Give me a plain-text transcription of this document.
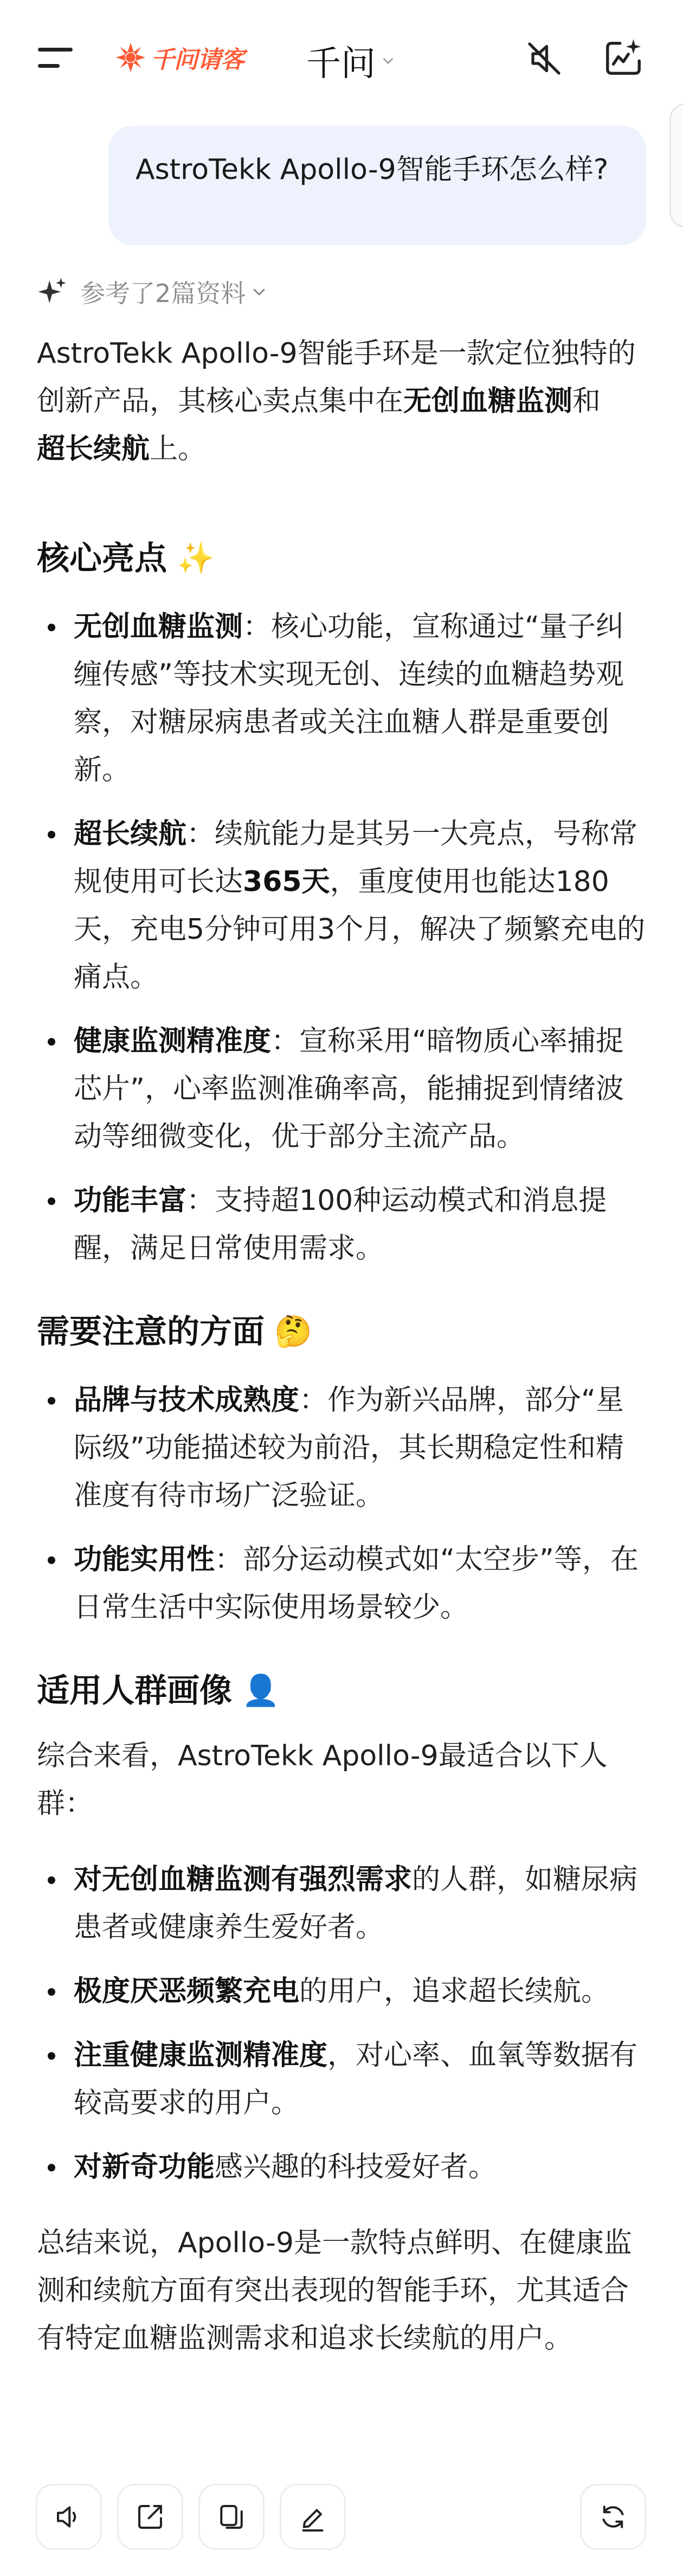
千问请客 千问
AstroTekk Apollo-9智能手环怎么样?
参考了2篇资料

AstroTekk Apollo-9智能手环是一款定位独特的创新产品，其核心卖点集中在无创血糖监测和
超长续航上。

核心亮点 ✨
无创血糖监测：核心功能，宣称通过“量子纠缠传感”等技术实现无创、连续的血糖趋势观察，对糖尿病患者或关注血糖人群是重要创新。
超长续航：续航能力是其另一大亮点，号称常规使用可长达365天，重度使用也能达180天，充电5分钟可用3个月，解决了频繁充电的痛点。
健康监测精准度：宣称采用“暗物质心率捕捉芯片”，心率监测准确率高，能捕捉到情绪波动等细微变化，优于部分主流产品。
功能丰富：支持超100种运动模式和消息提醒，满足日常使用需求。
需要注意的方面 🤔
品牌与技术成熟度：作为新兴品牌，部分“星际级”功能描述较为前沿，其长期稳定性和精准度有待市场广泛验证。
功能实用性：部分运动模式如“太空步”等，在日常生活中实际使用场景较少。
适用人群画像 👤

综合来看，AstroTekk Apollo-9最适合以下人群：

对无创血糖监测有强烈需求的人群，如糖尿病患者或健康养生爱好者。
极度厌恶频繁充电的用户，追求超长续航。
注重健康监测精准度，对心率、血氧等数据有较高要求的用户。
对新奇功能感兴趣的科技爱好者。

总结来说，Apollo-9是一款特点鲜明、在健康监测和续航方面有突出表现的智能手环，尤其适合有特定血糖监测需求和追求长续航的用户。
